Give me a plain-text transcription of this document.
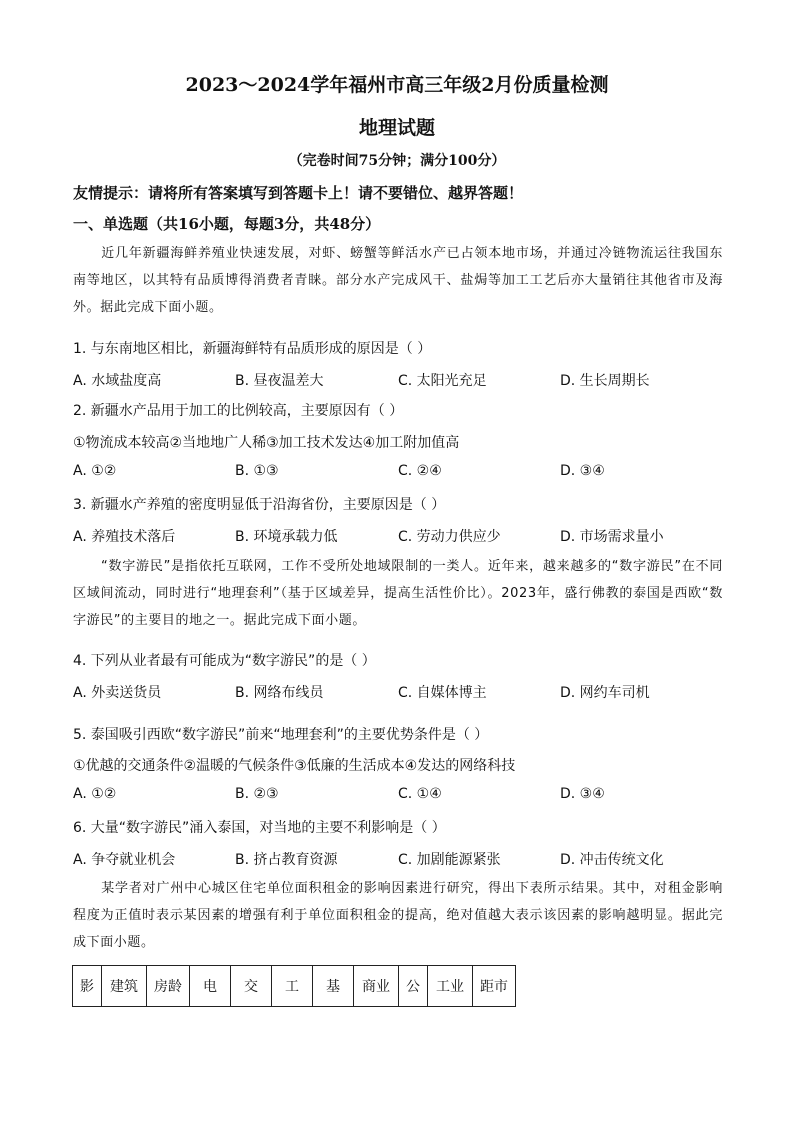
2023～2024学年福州市高三年级2月份质量检测
地理试题
（完卷时间75分钟；满分100分）
友情提示：请将所有答案填写到答题卡上！请不要错位、越界答题！
一、单选题（共16小题，每题3分，共48分）
近几年新疆海鲜养殖业快速发展，对虾、螃蟹等鲜活水产已占领本地市场，并通过冷链物流运往我国东南等地区，以其特有品质博得消费者青睐。部分水产完成风干、盐焗等加工工艺后亦大量销往其他省市及海外。据此完成下面小题。
1. 与东南地区相比，新疆海鲜特有品质形成的原因是（ ）
A. 水域盐度高	B. 昼夜温差大	C. 太阳光充足	D. 生长周期长
2. 新疆水产品用于加工的比例较高，主要原因有（ ）
①物流成本较高②当地地广人稀③加工技术发达④加工附加值高
A. ①②	B. ①③	C. ②④	D. ③④
3. 新疆水产养殖的密度明显低于沿海省份，主要原因是（ ）
A. 养殖技术落后	B. 环境承载力低	C. 劳动力供应少	D. 市场需求量小
“数字游民”是指依托互联网，工作不受所处地域限制的一类人。近年来，越来越多的“数字游民”在不同区域间流动，同时进行“地理套利”（基于区域差异，提高生活性价比）。2023年，盛行佛教的泰国是西欧“数字游民”的主要目的地之一。据此完成下面小题。
4. 下列从业者最有可能成为“数字游民”的是（ ）
A. 外卖送货员	B. 网络布线员	C. 自媒体博主	D. 网约车司机
5. 泰国吸引西欧“数字游民”前来“地理套利”的主要优势条件是（ ）
①优越的交通条件②温暖的气候条件③低廉的生活成本④发达的网络科技
A. ①②	B. ②③	C. ①④	D. ③④
6. 大量“数字游民”涌入泰国，对当地的主要不利影响是（ ）
A. 争夺就业机会	B. 挤占教育资源	C. 加剧能源紧张	D. 冲击传统文化
某学者对广州中心城区住宅单位面积租金的影响因素进行研究，得出下表所示结果。其中，对租金影响程度为正值时表示某因素的增强有利于单位面积租金的提高，绝对值越大表示该因素的影响越明显。据此完成下面小题。
影	建筑	房龄	电	交	工	基	商业	公	工业	距市
